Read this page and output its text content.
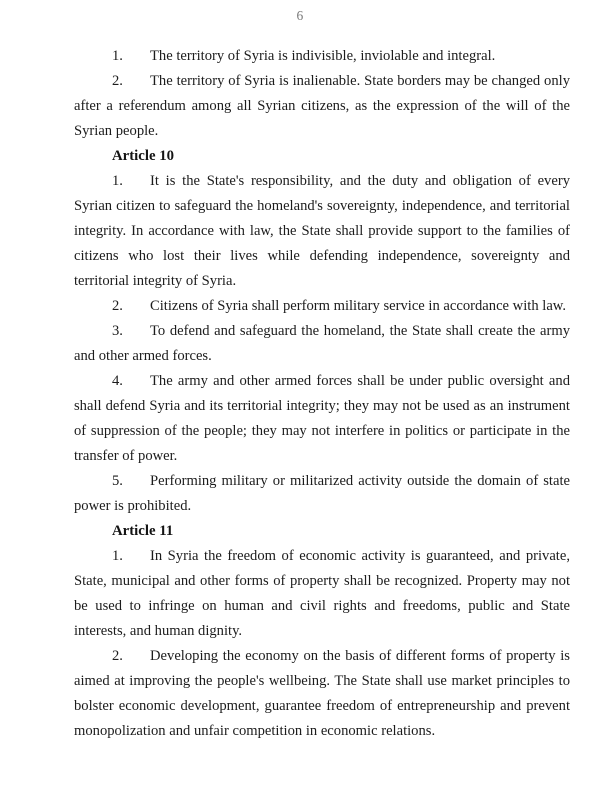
6

1. The territory of Syria is indivisible, inviolable and integral.

2. The territory of Syria is inalienable. State borders may be changed only after a referendum among all Syrian citizens, as the expression of the will of the Syrian people.

Article 10

1. It is the State's responsibility, and the duty and obligation of every Syrian citizen to safeguard the homeland's sovereignty, independence, and territorial integrity. In accordance with law, the State shall provide support to the families of citizens who lost their lives while defending independence, sovereignty and territorial integrity of Syria.

2. Citizens of Syria shall perform military service in accordance with law.

3. To defend and safeguard the homeland, the State shall create the army and other armed forces.

4. The army and other armed forces shall be under public oversight and shall defend Syria and its territorial integrity; they may not be used as an instrument of suppression of the people; they may not interfere in politics or participate in the transfer of power.

5. Performing military or militarized activity outside the domain of state power is prohibited.

Article 11

1. In Syria the freedom of economic activity is guaranteed, and private, State, municipal and other forms of property shall be recognized. Property may not be used to infringe on human and civil rights and freedoms, public and State interests, and human dignity.

2. Developing the economy on the basis of different forms of property is aimed at improving the people's wellbeing. The State shall use market principles to bolster economic development, guarantee freedom of entrepreneurship and prevent monopolization and unfair competition in economic relations.
